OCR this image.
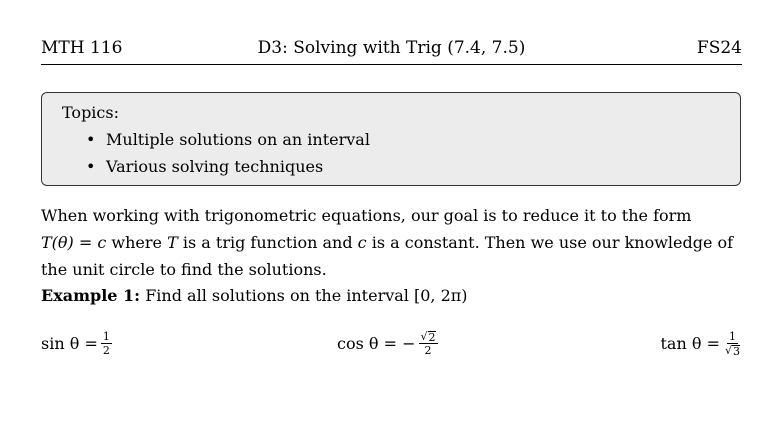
MTH 116	D3: Solving with Trig (7.4, 7.5)	FS24
Topics:
• Multiple solutions on an interval
• Various solving techniques

When working with trigonometric equations, our goal is to reduce it to the form

T(θ) = c where T is a trig function and c is a constant. Then we use our knowledge of

the unit circle to find the solutions.

Example 1: Find all solutions on the interval [0, 2π)
$\sin \theta = \frac{1}{2}$	cos θ = − $\frac{√ 2}{2}$	$\tan \theta = \frac{1}{√ 3}$
